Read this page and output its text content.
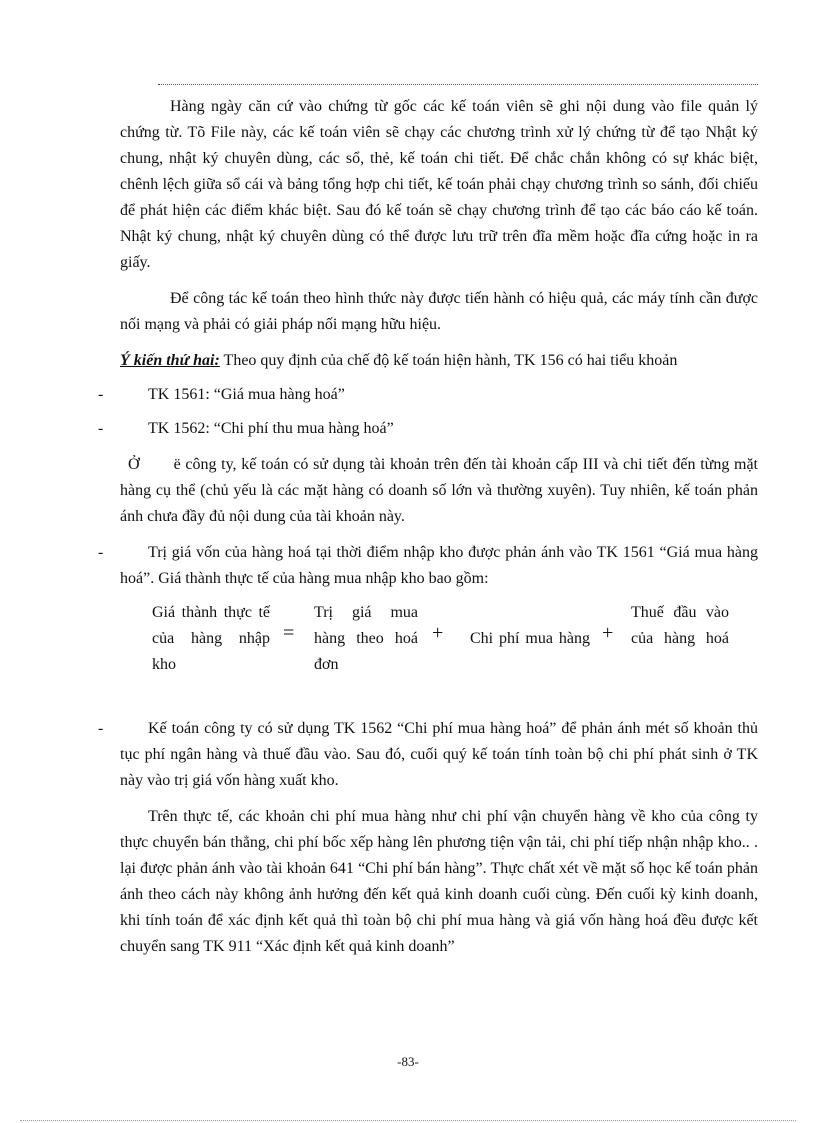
Hàng ngày căn cứ vào chứng từ gốc các kế toán viên sẽ ghi nội dung vào file quản lý chứng từ. Tõ File này, các kế toán viên sẽ chạy các chương trình xử lý chứng từ để tạo Nhật ký chung, nhật ký chuyên dùng, các sổ, thẻ, kế toán chi tiết. Để chắc chắn không có sự khác biệt, chênh lệch giữa sổ cái và bảng tổng hợp chi tiết, kế toán phải chạy chương trình so sánh, đối chiếu để phát hiện các điểm khác biệt. Sau đó kế toán sẽ chạy chương trình để tạo các báo cáo kế toán. Nhật ký chung, nhật ký chuyên dùng có thể được lưu trữ trên đĩa mềm hoặc đĩa cứng hoặc in ra giấy.

Để công tác kế toán theo hình thức này được tiến hành có hiệu quả, các máy tính cần được nối mạng và phải có giải pháp nối mạng hữu hiệu.

Ý kiến thứ hai: Theo quy định của chế độ kế toán hiện hành, TK 156 có hai tiểu khoản

-	TK 1561: “Giá mua hàng hoá”

-	TK 1562: “Chi phí thu mua hàng hoá”

Ở ë công ty, kế toán có sử dụng tài khoản trên đến tài khoản cấp III và chi tiết đến từng mặt hàng cụ thể (chủ yếu là các mặt hàng có doanh số lớn và thường xuyên). Tuy nhiên, kế toán phản ánh chưa đầy đủ nội dung của tài khoản này.

-	Trị giá vốn của hàng hoá tại thời điểm nhập kho được phản ánh vào TK 1561 “Giá mua hàng hoá”. Giá thành thực tế của hàng mua nhập kho bao gồm:

Giá thành thực tế của hàng nhập kho
=
Trị giá mua hàng theo hoá đơn
+ Chi phí mua hàng +
Thuế đầu vào của hàng hoá

-	Kế toán công ty có sử dụng TK 1562 “Chi phí mua hàng hoá” để phản ánh mét số khoản thủ tục phí ngân hàng và thuế đầu vào. Sau đó, cuối quý kế toán tính toàn bộ chi phí phát sinh ở TK này vào trị giá vốn hàng xuất kho.

Trên thực tế, các khoản chi phí mua hàng như chi phí vận chuyển hàng về kho của công ty thực chuyển bán thẳng, chi phí bốc xếp hàng lên phương tiện vận tải, chi phí tiếp nhận nhập kho.. . lại được phản ánh vào tài khoản 641 “Chi phí bán hàng”. Thực chất xét về mặt số học kế toán phản ánh theo cách này không ảnh hưởng đến kết quả kinh doanh cuối cùng. Đến cuối kỳ kinh doanh, khi tính toán để xác định kết quả thì toàn bộ chi phí mua hàng và giá vốn hàng hoá đều được kết chuyển sang TK 911 “Xác định kết quả kinh doanh”

-83-
